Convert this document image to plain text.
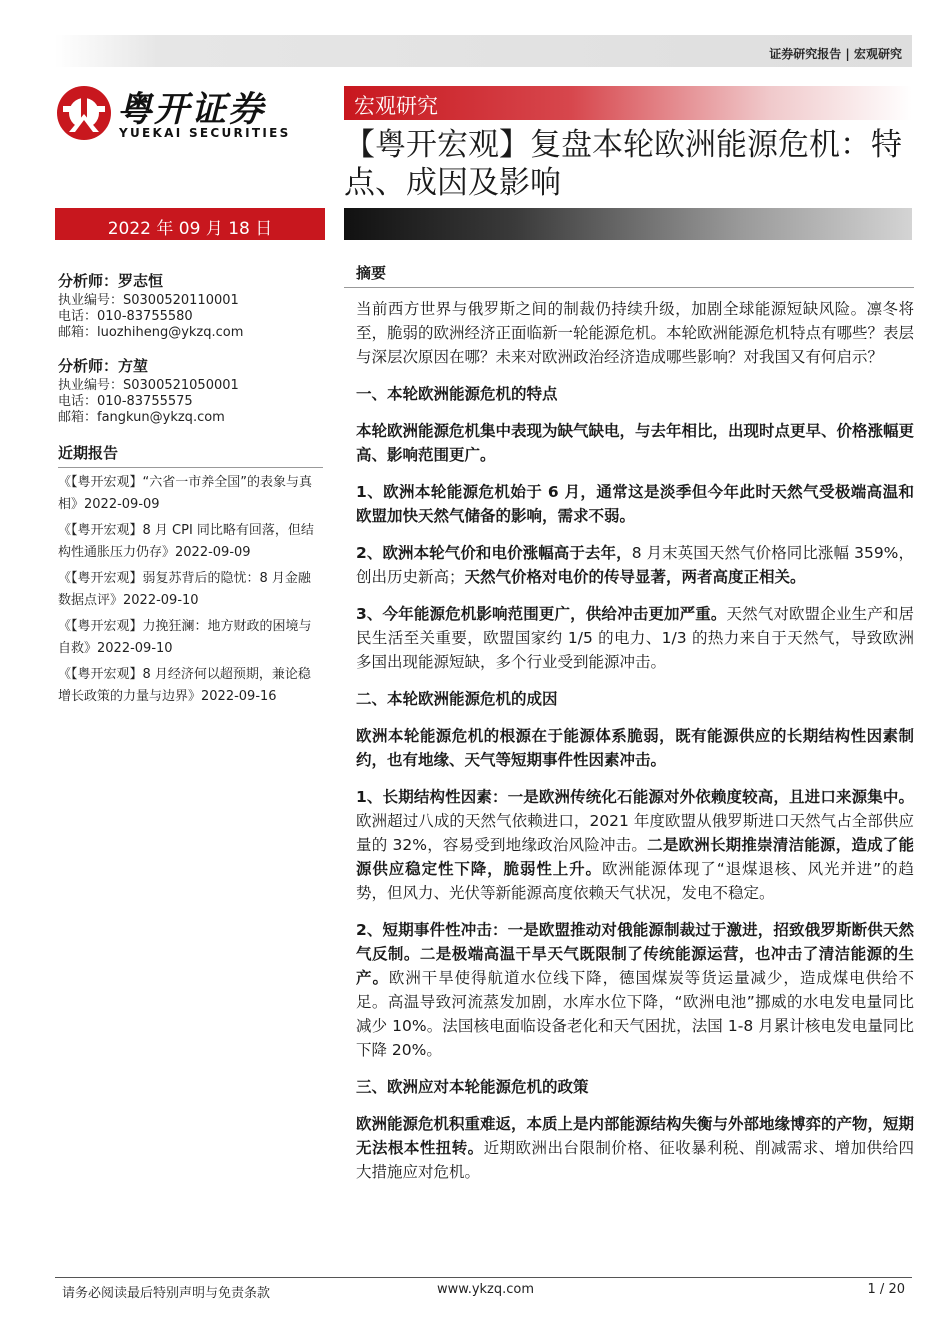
证券研究报告 | 宏观研究
粤开证券
YUEKAI SECURITIES
宏观研究
【粤开宏观】复盘本轮欧洲能源危机：特点、成因及影响
2022 年 09 月 18 日
分析师：罗志恒
执业编号：S0300520110001
电话：010-83755580
邮箱：luozhiheng@ykzq.com
分析师：方堃
执业编号：S0300521050001
电话：010-83755575
邮箱：fangkun@ykzq.com
近期报告
《【粤开宏观】“六省一市养全国”的表象与真相》2022-09-09
《【粤开宏观】8 月 CPI 同比略有回落，但结构性通胀压力仍存》2022-09-09
《【粤开宏观】弱复苏背后的隐忧：8 月金融数据点评》2022-09-10
《【粤开宏观】力挽狂澜：地方财政的困境与自救》2022-09-10
《【粤开宏观】8 月经济何以超预期，兼论稳增长政策的力量与边界》2022-09-16
摘要

当前西方世界与俄罗斯之间的制裁仍持续升级，加剧全球能源短缺风险。凛冬将至，脆弱的欧洲经济正面临新一轮能源危机。本轮欧洲能源危机特点有哪些？表层与深层次原因在哪？未来对欧洲政治经济造成哪些影响？对我国又有何启示？

一、本轮欧洲能源危机的特点

本轮欧洲能源危机集中表现为缺气缺电，与去年相比，出现时点更早、价格涨幅更高、影响范围更广。

1、欧洲本轮能源危机始于 6 月，通常这是淡季但今年此时天然气受极端高温和欧盟加快天然气储备的影响，需求不弱。

2、欧洲本轮气价和电价涨幅高于去年，8 月末英国天然气价格同比涨幅 359%，创出历史新高；天然气价格对电价的传导显著，两者高度正相关。

3、今年能源危机影响范围更广，供给冲击更加严重。天然气对欧盟企业生产和居民生活至关重要，欧盟国家约 1/5 的电力、1/3 的热力来自于天然气，导致欧洲多国出现能源短缺，多个行业受到能源冲击。

二、本轮欧洲能源危机的成因

欧洲本轮能源危机的根源在于能源体系脆弱，既有能源供应的长期结构性因素制约，也有地缘、天气等短期事件性因素冲击。

1、长期结构性因素：一是欧洲传统化石能源对外依赖度较高，且进口来源集中。欧洲超过八成的天然气依赖进口，2021 年度欧盟从俄罗斯进口天然气占全部供应量的 32%，容易受到地缘政治风险冲击。二是欧洲长期推崇清洁能源，造成了能源供应稳定性下降，脆弱性上升。欧洲能源体现了“退煤退核、风光并进”的趋势，但风力、光伏等新能源高度依赖天气状况，发电不稳定。

2、短期事件性冲击：一是欧盟推动对俄能源制裁过于激进，招致俄罗斯断供天然气反制。二是极端高温干旱天气既限制了传统能源运营，也冲击了清洁能源的生产。欧洲干旱使得航道水位线下降，德国煤炭等货运量减少，造成煤电供给不足。高温导致河流蒸发加剧，水库水位下降，“欧洲电池”挪威的水电发电量同比减少 10%。法国核电面临设备老化和天气困扰，法国 1-8 月累计核电发电量同比下降 20%。

三、欧洲应对本轮能源危机的政策

欧洲能源危机积重难返，本质上是内部能源结构失衡与外部地缘博弈的产物，短期无法根本性扭转。近期欧洲出台限制价格、征收暴利税、削减需求、增加供给四大措施应对危机。

请务必阅读最后特别声明与免责条款	www.ykzq.com	1 / 20
